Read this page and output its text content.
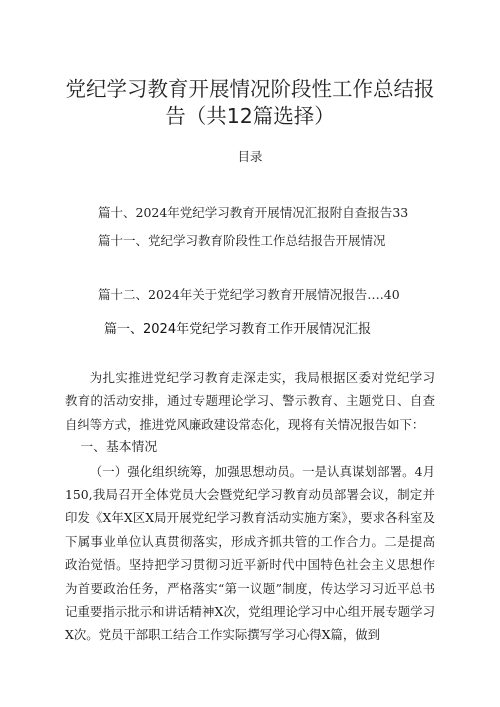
党纪学习教育开展情况阶段性工作总结报
告（共12篇选择）
目录
篇十、2024年党纪学习教育开展情况汇报附自查报告33
篇十一、党纪学习教育阶段性工作总结报告开展情况
篇十二、2024年关于党纪学习教育开展情况报告….40
篇一、2024年党纪学习教育工作开展情况汇报

为扎实推进党纪学习教育走深走实，我局根据区委对党纪学习教育的活动安排，通过专题理论学习、警示教育、主题党日、自查自纠等方式，推进党风廉政建设常态化，现将有关情况报告如下：

一、基本情况

（一）强化组织统筹，加强思想动员。一是认真谋划部署。4月150,我局召开全体党员大会暨党纪学习教育动员部署会议，制定并印发《X年X区X局开展党纪学习教育活动实施方案》，要求各科室及下属事业单位认真贯彻落实，形成齐抓共管的工作合力。二是提高政治觉悟。坚持把学习贯彻习近平新时代中国特色社会主义思想作为首要政治任务，严格落实“第一议题”制度，传达学习习近平总书记重要指示批示和讲话精神X次，党组理论学习中心组开展专题学习X次。党员干部职工结合工作实际撰写学习心得X篇，做到
